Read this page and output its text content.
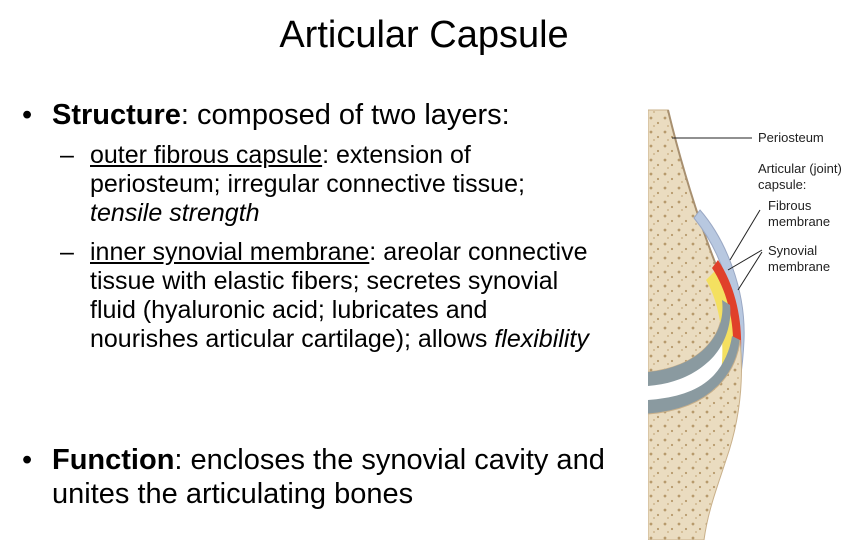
Articular Capsule
• Structure: composed of two layers:
– outer fibrous capsule: extension of periosteum; irregular connective tissue; tensile strength
– inner synovial membrane: areolar connective tissue with elastic fibers; secretes synovial fluid (hyaluronic acid; lubricates and nourishes articular cartilage); allows flexibility
• Function: encloses the synovial cavity and unites the articulating bones
Periosteum
Articular (joint)
capsule:
Fibrous
membrane
Synovial
membrane
